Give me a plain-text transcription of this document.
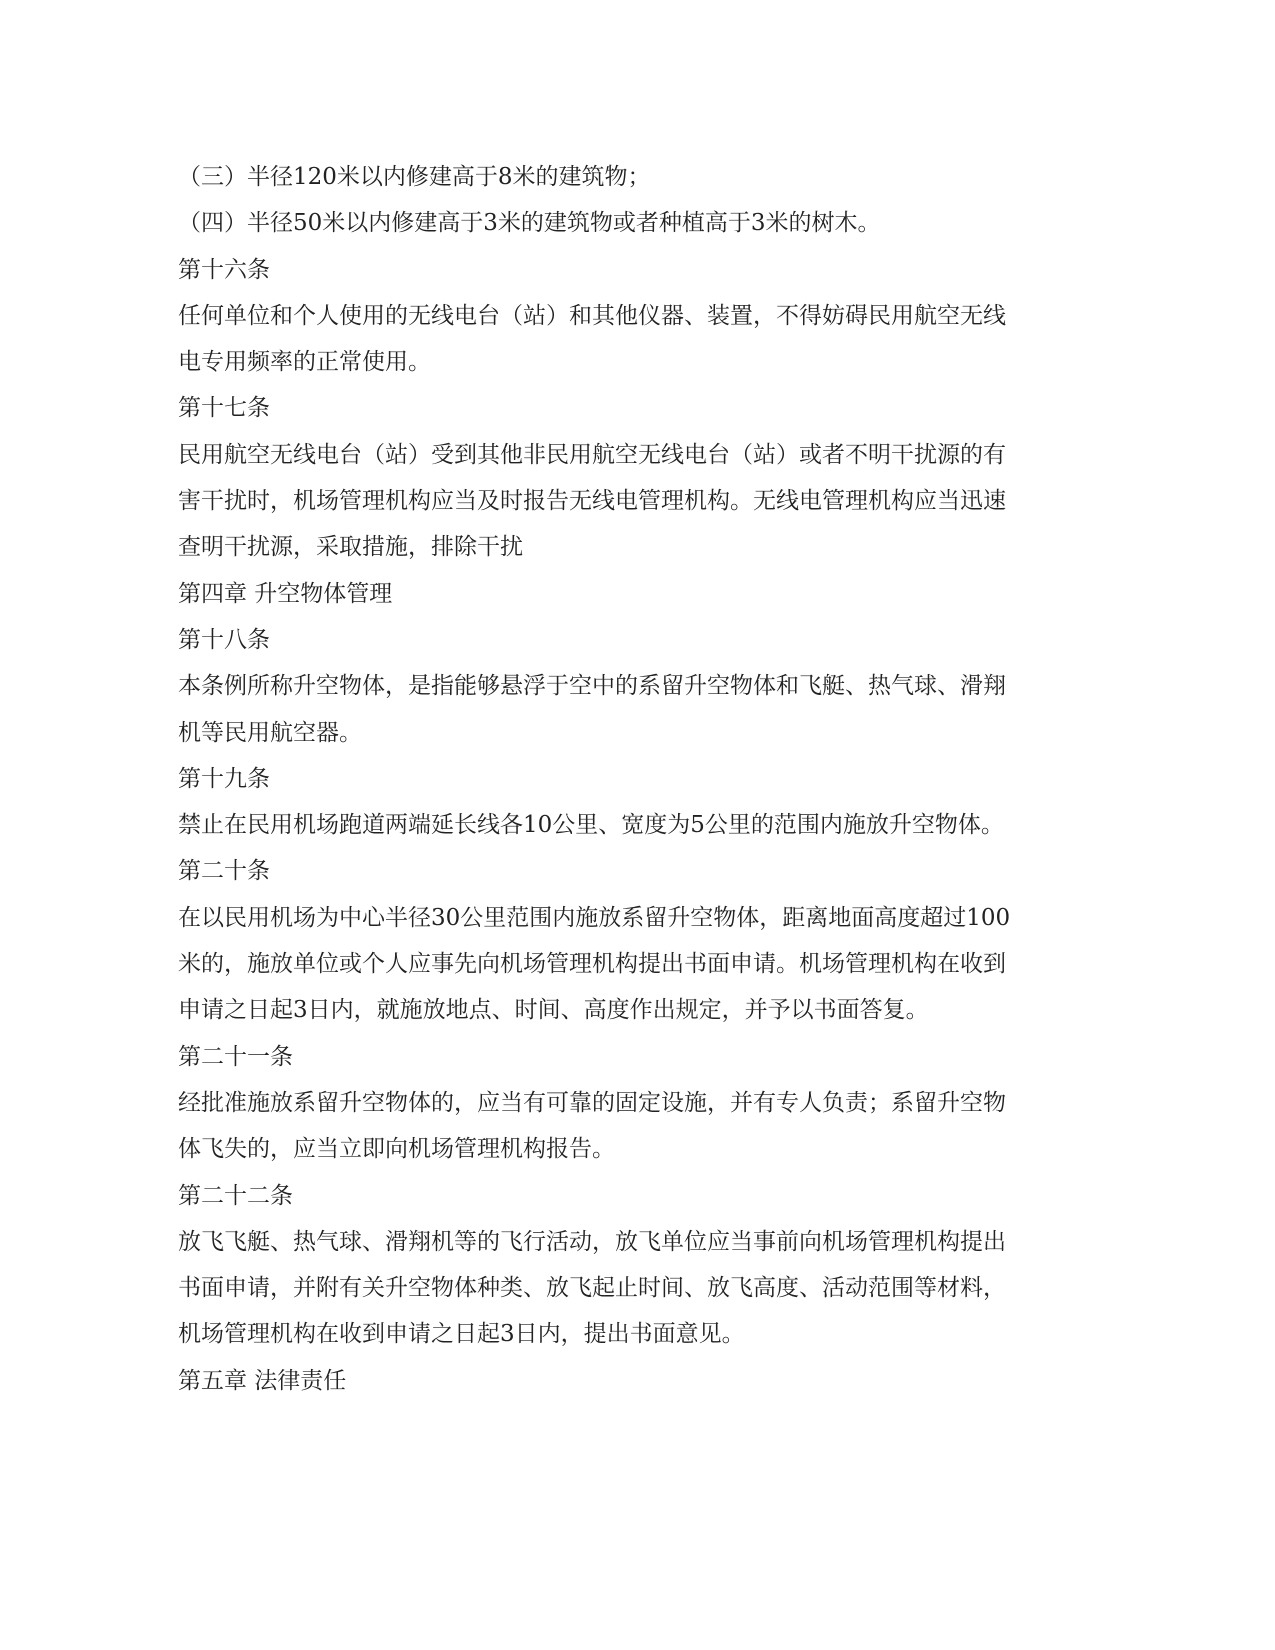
（三）半径120米以内修建高于8米的建筑物；
（四）半径50米以内修建高于3米的建筑物或者种植高于3米的树木。
第十六条
任何单位和个人使用的无线电台（站）和其他仪器、装置，不得妨碍民用航空无线
电专用频率的正常使用。
第十七条
民用航空无线电台（站）受到其他非民用航空无线电台（站）或者不明干扰源的有
害干扰时，机场管理机构应当及时报告无线电管理机构。无线电管理机构应当迅速
查明干扰源，采取措施，排除干扰
第四章 升空物体管理
第十八条
本条例所称升空物体，是指能够悬浮于空中的系留升空物体和飞艇、热气球、滑翔
机等民用航空器。
第十九条
禁止在民用机场跑道两端延长线各10公里、宽度为5公里的范围内施放升空物体。
第二十条
在以民用机场为中心半径30公里范围内施放系留升空物体，距离地面高度超过100
米的，施放单位或个人应事先向机场管理机构提出书面申请。机场管理机构在收到
申请之日起3日内，就施放地点、时间、高度作出规定，并予以书面答复。
第二十一条
经批准施放系留升空物体的，应当有可靠的固定设施，并有专人负责；系留升空物
体飞失的，应当立即向机场管理机构报告。
第二十二条
放飞飞艇、热气球、滑翔机等的飞行活动，放飞单位应当事前向机场管理机构提出
书面申请，并附有关升空物体种类、放飞起止时间、放飞高度、活动范围等材料，
机场管理机构在收到申请之日起3日内，提出书面意见。
第五章 法律责任
